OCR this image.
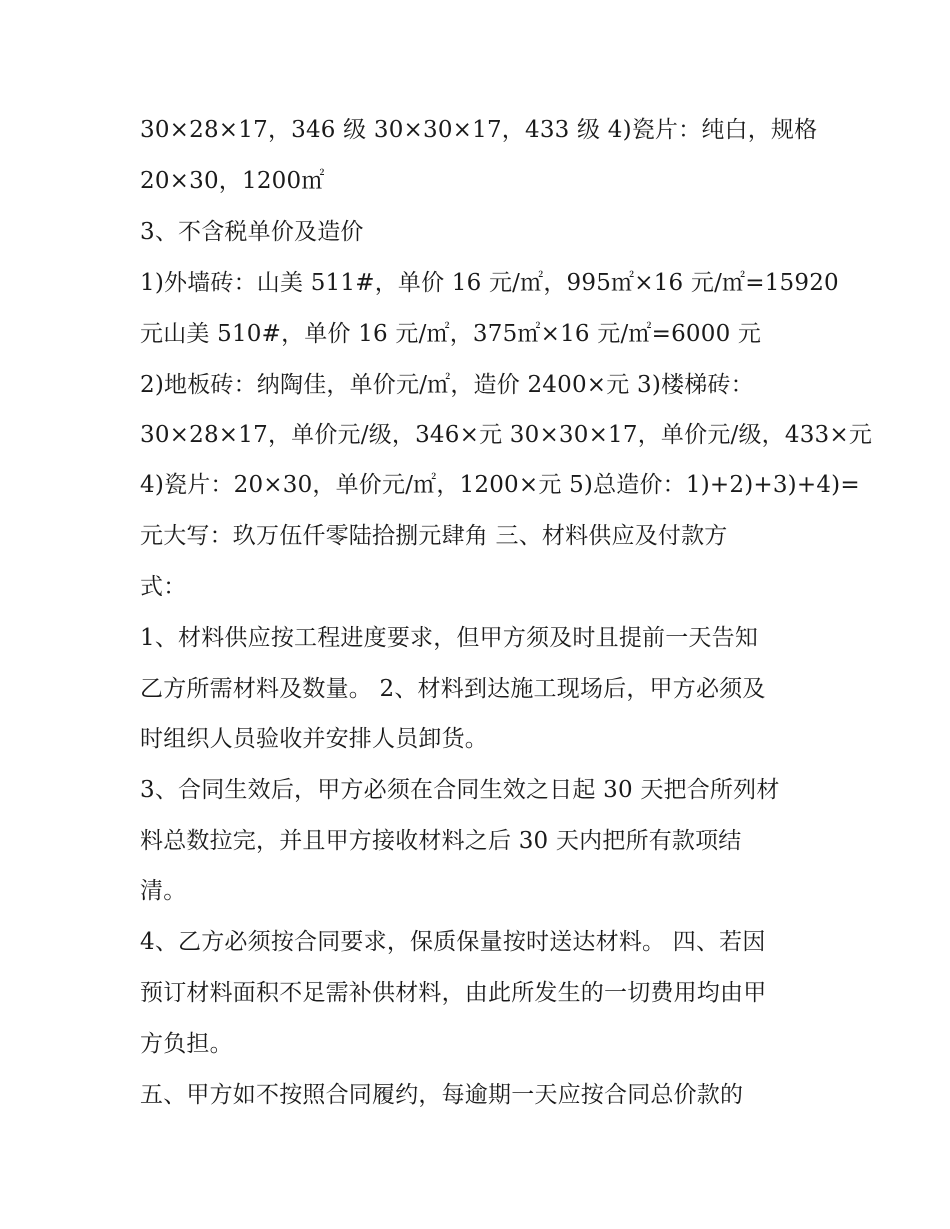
30×28×17，346 级 30×30×17，433 级 4)瓷片：纯白，规格
20×30，1200㎡
3、不含税单价及造价
1)外墙砖：山美 511#，单价 16 元/㎡，995㎡×16 元/㎡=15920
元山美 510#，单价 16 元/㎡，375㎡×16 元/㎡=6000 元
2)地板砖：纳陶佳，单价元/㎡，造价 2400×元 3)楼梯砖：
30×28×17，单价元/级，346×元 30×30×17，单价元/级，433×元
4)瓷片：20×30，单价元/㎡，1200×元 5)总造价：1)+2)+3)+4)=
元大写：玖万伍仟零陆拾捌元肆角 三、材料供应及付款方
式：
1、材料供应按工程进度要求，但甲方须及时且提前一天告知
乙方所需材料及数量。 2、材料到达施工现场后，甲方必须及
时组织人员验收并安排人员卸货。
3、合同生效后，甲方必须在合同生效之日起 30 天把合所列材
料总数拉完，并且甲方接收材料之后 30 天内把所有款项结
清。
4、乙方必须按合同要求，保质保量按时送达材料。 四、若因
预订材料面积不足需补供材料，由此所发生的一切费用均由甲
方负担。
五、甲方如不按照合同履约，每逾期一天应按合同总价款的
